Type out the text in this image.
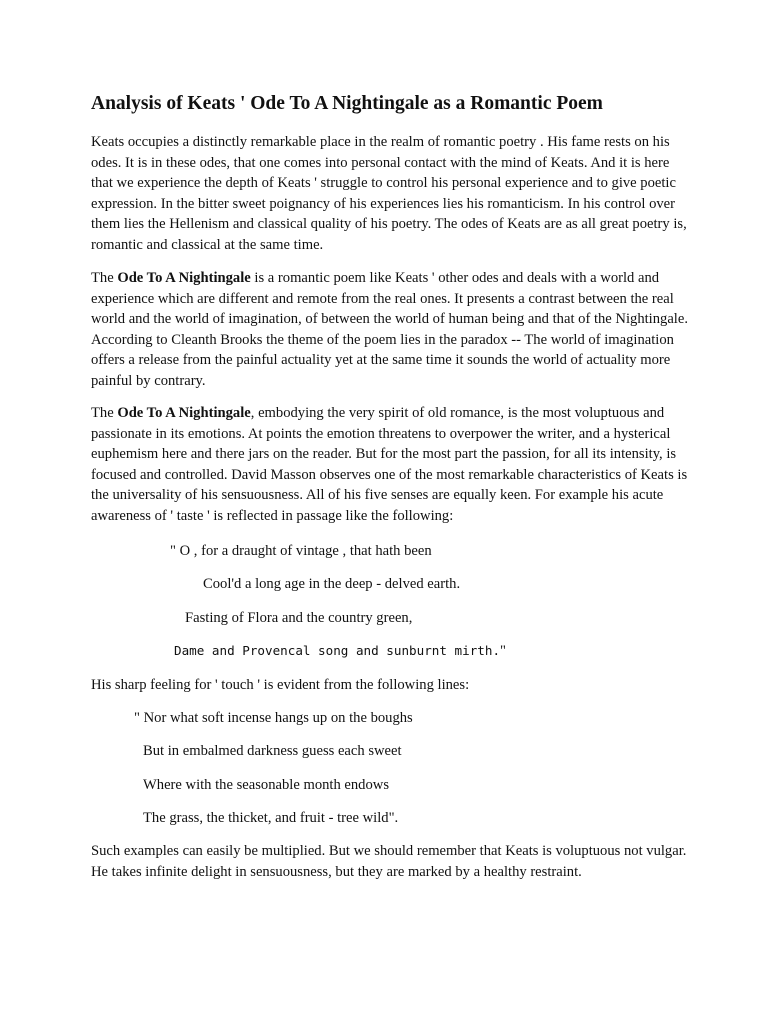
Analysis of Keats ' Ode To A Nightingale as a Romantic Poem

Keats occupies a distinctly remarkable place in the realm of romantic poetry . His fame rests on his odes. It is in these odes, that one comes into personal contact with the mind of Keats. And it is here that we experience the depth of Keats ' struggle to control his personal experience and to give poetic expression. In the bitter sweet poignancy of his experiences lies his romanticism. In his control over them lies the Hellenism and classical quality of his poetry. The odes of Keats are as all great poetry is, romantic and classical at the same time.

The Ode To A Nightingale is a romantic poem like Keats ' other odes and deals with a world and experience which are different and remote from the real ones. It presents a contrast between the real world and the world of imagination, of between the world of human being and that of the Nightingale. According to Cleanth Brooks the theme of the poem lies in the paradox -- The world of imagination offers a release from the painful actuality yet at the same time it sounds the world of actuality more painful by contrary.

The Ode To A Nightingale, embodying the very spirit of old romance, is the most voluptuous and passionate in its emotions. At points the emotion threatens to overpower the writer, and a hysterical euphemism here and there jars on the reader. But for the most part the passion, for all its intensity, is focused and controlled. David Masson observes one of the most remarkable characteristics of Keats is the universality of his sensuousness. All of his five senses are equally keen. For example his acute awareness of ' taste ' is reflected in passage like the following:

" O , for a draught of vintage , that hath been

Cool'd a long age in the deep - delved earth.

Fasting of Flora and the country green,

Dame and Provencal song and sunburnt mirth."

His sharp feeling for ' touch ' is evident from the following lines:

" Nor what soft incense hangs up on the boughs

But in embalmed darkness guess each sweet

Where with the seasonable month endows

The grass, the thicket, and fruit - tree wild".

Such examples can easily be multiplied. But we should remember that Keats is voluptuous not vulgar. He takes infinite delight in sensuousness, but they are marked by a healthy restraint.
